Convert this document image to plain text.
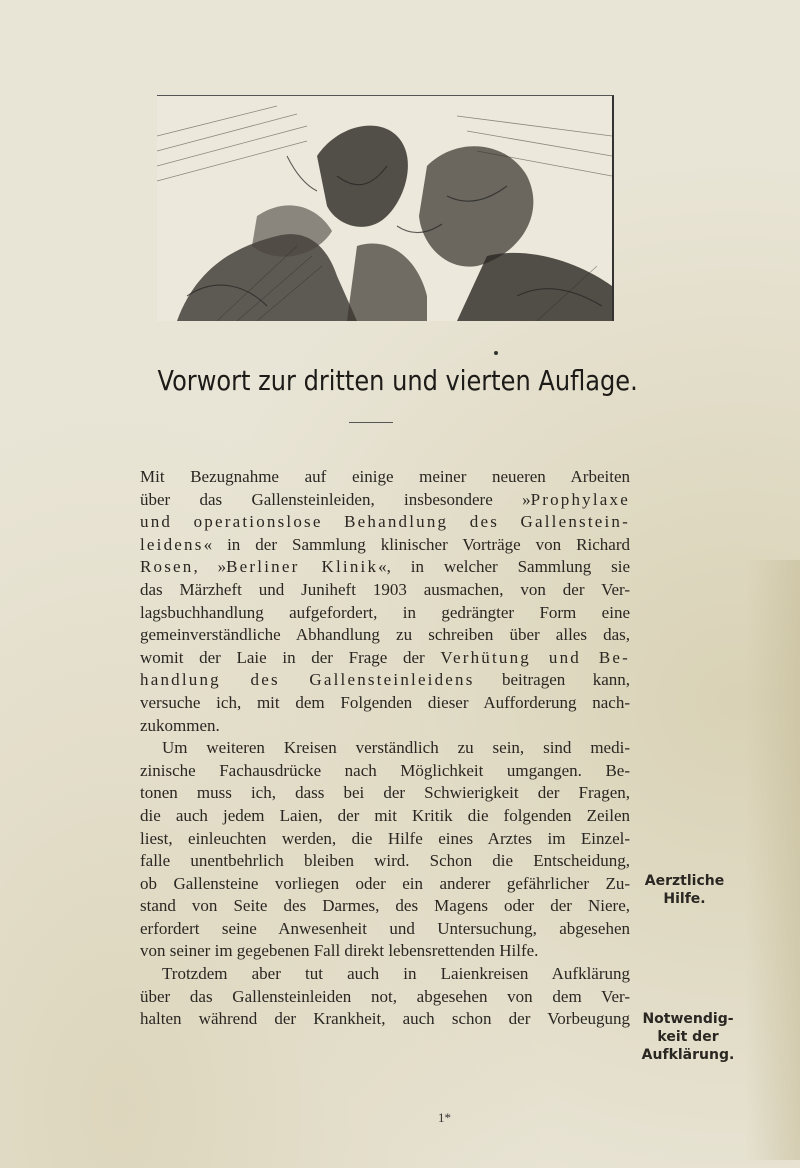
Vorwort zur dritten und vierten Auflage.
Mit Bezugnahme auf einige meiner neueren Arbeiten
über das Gallensteinleiden, insbesondere »Prophylaxe
und operationslose Behandlung des Gallenstein-
leidens« in der Sammlung klinischer Vorträge von Richard
Rosen, »Berliner Klinik«, in welcher Sammlung sie
das Märzheft und Juniheft 1903 ausmachen, von der Ver-
lagsbuchhandlung aufgefordert, in gedrängter Form eine
gemeinverständliche Abhandlung zu schreiben über alles das,
womit der Laie in der Frage der Verhütung und Be-
handlung des Gallensteinleidens beitragen kann,
versuche ich, mit dem Folgenden dieser Aufforderung nach-
zukommen.
Um weiteren Kreisen verständlich zu sein, sind medi-
zinische Fachausdrücke nach Möglichkeit umgangen. Be-
tonen muss ich, dass bei der Schwierigkeit der Fragen,
die auch jedem Laien, der mit Kritik die folgenden Zeilen
liest, einleuchten werden, die Hilfe eines Arztes im Einzel-
falle unentbehrlich bleiben wird. Schon die Entscheidung,
ob Gallensteine vorliegen oder ein anderer gefährlicher Zu-
stand von Seite des Darmes, des Magens oder der Niere,
erfordert seine Anwesenheit und Untersuchung, abgesehen
von seiner im gegebenen Fall direkt lebensrettenden Hilfe.
Trotzdem aber tut auch in Laienkreisen Aufklärung
über das Gallensteinleiden not, abgesehen von dem Ver-
halten während der Krankheit, auch schon der Vorbeugung
Aerztliche
Hilfe.
Notwendig-
keit der
Aufklärung.
1*
